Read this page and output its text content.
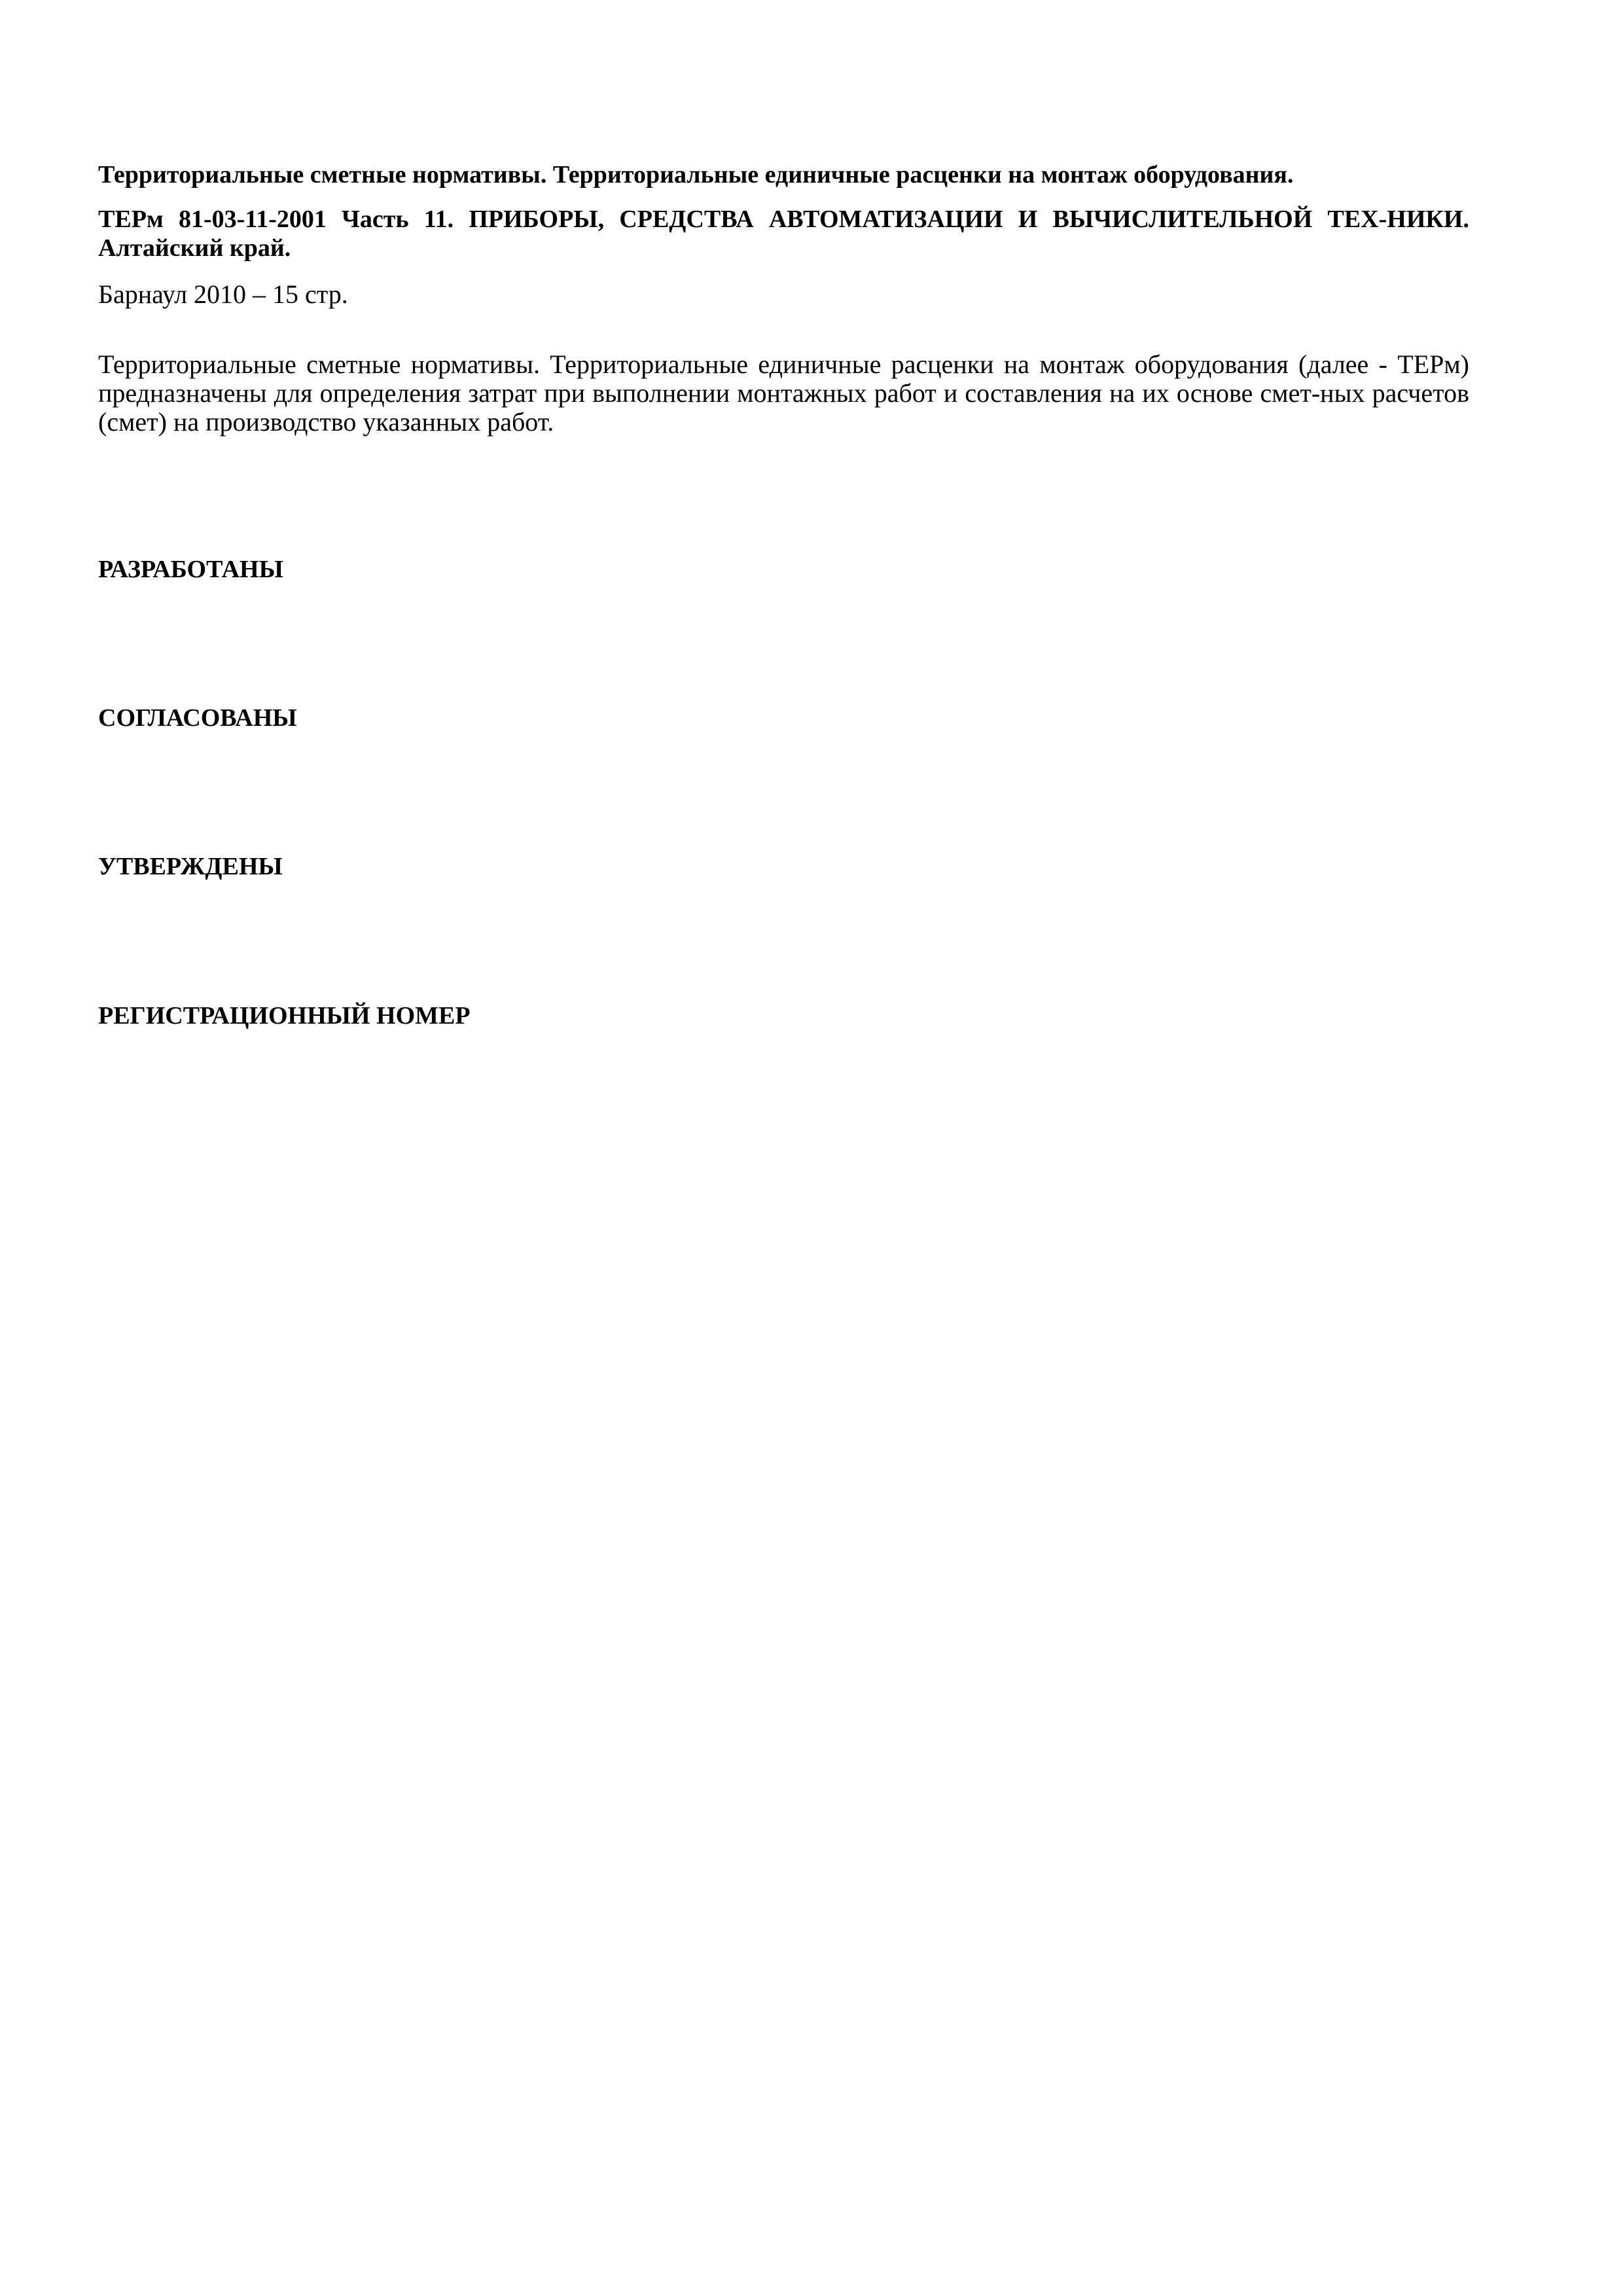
Территориальные сметные нормативы. Территориальные единичные расценки на монтаж оборудования.

ТЕРм 81-03-11-2001 Часть 11. ПРИБОРЫ, СРЕДСТВА АВТОМАТИЗАЦИИ И ВЫЧИСЛИТЕЛЬНОЙ ТЕХ-НИКИ. Алтайский край.

Барнаул 2010 – 15 стр.

Территориальные сметные нормативы. Территориальные единичные расценки на монтаж оборудования (далее - ТЕРм) предназначены для определения затрат при выполнении монтажных работ и составления на их основе смет-ных расчетов (смет) на производство указанных работ.

РАЗРАБОТАНЫ

СОГЛАСОВАНЫ

УТВЕРЖДЕНЫ

РЕГИСТРАЦИОННЫЙ НОМЕР
